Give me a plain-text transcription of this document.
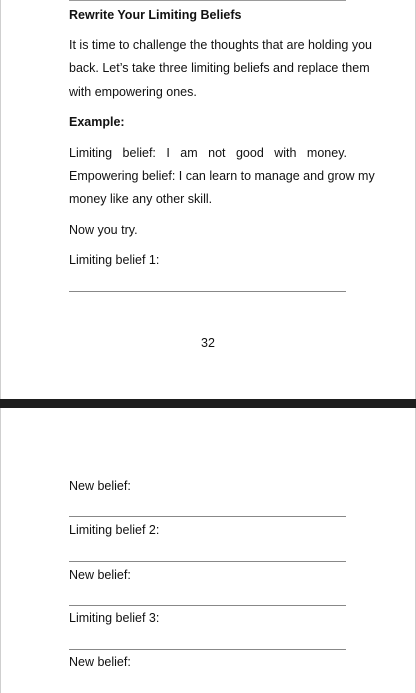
Rewrite Your Limiting Beliefs
It is time to challenge the thoughts that are holding you
back. Let’s take three limiting beliefs and replace them
with empowering ones.
Example:
Limiting belief: I am not good with money.
Empowering belief: I can learn to manage and grow my
money like any other skill.
Now you try.
Limiting belief 1:
32
New belief:
Limiting belief 2:
New belief:
Limiting belief 3:
New belief:
